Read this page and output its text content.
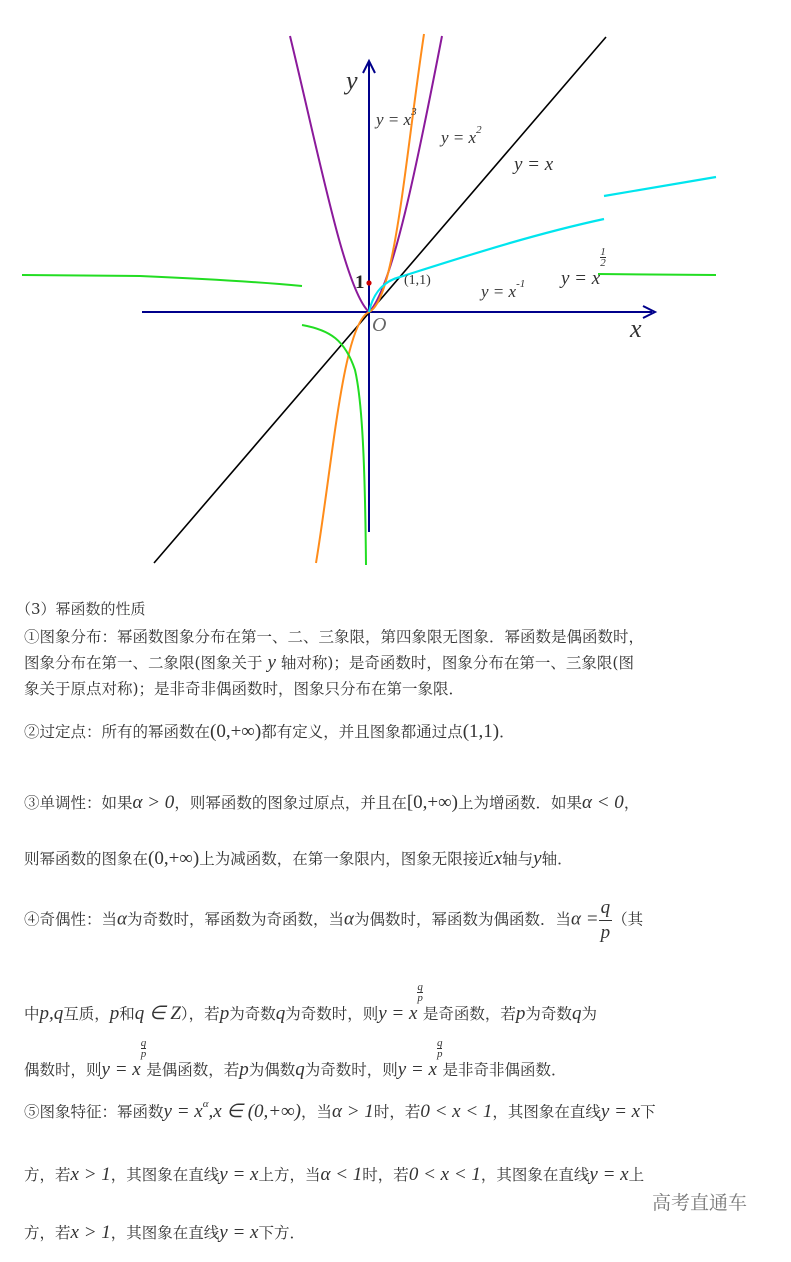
y
x
O
1	(1,1)
$y = x^3$
$y = x^2$
y = x
y = x
$\frac{1}{2}$
$y = x^{-1}$
（3）幂函数的性质
①图象分布：幂函数图象分布在第一、二、三象限，第四象限无图象．幂函数是偶函数时，
图象分布在第一、二象限(图象关于 y 轴对称)；是奇函数时，图象分布在第一、三象限(图
象关于原点对称)；是非奇非偶函数时，图象只分布在第一象限．
②过定点：所有的幂函数在(0,+∞)都有定义，并且图象都通过点(1,1)．
③单调性：如果α > 0，则幂函数的图象过原点，并且在[0,+∞)上为增函数．如果α < 0，
则幂函数的图象在(0,+∞)上为减函数，在第一象限内，图象无限接近x轴与y轴．
④奇偶性：当α为奇数时，幂函数为奇函数，当α为偶数时，幂函数为偶函数．当$\alpha = \frac{q}{p}$ （其
中p,q互质，p和q ∈ Z），若p为奇数q为奇数时，则y = x
$\frac{q}{p}$是奇函数，若p为奇数q为
偶数时，则y = x
$\frac{q}{p}$是偶函数，若p为偶数q为奇数时，则y = x
$\frac{q}{p}$是非奇非偶函数．
⑤图象特征：幂函数$y = x^\alpha,x$ ∈ (0,+∞)，当α > 1时，若0 < x < 1，其图象在直线y = x下
方，若x > 1，其图象在直线y = x上方，当α < 1时，若0 < x < 1，其图象在直线y = x上
方，若x > 1，其图象在直线y = x下方．
高考直通车
